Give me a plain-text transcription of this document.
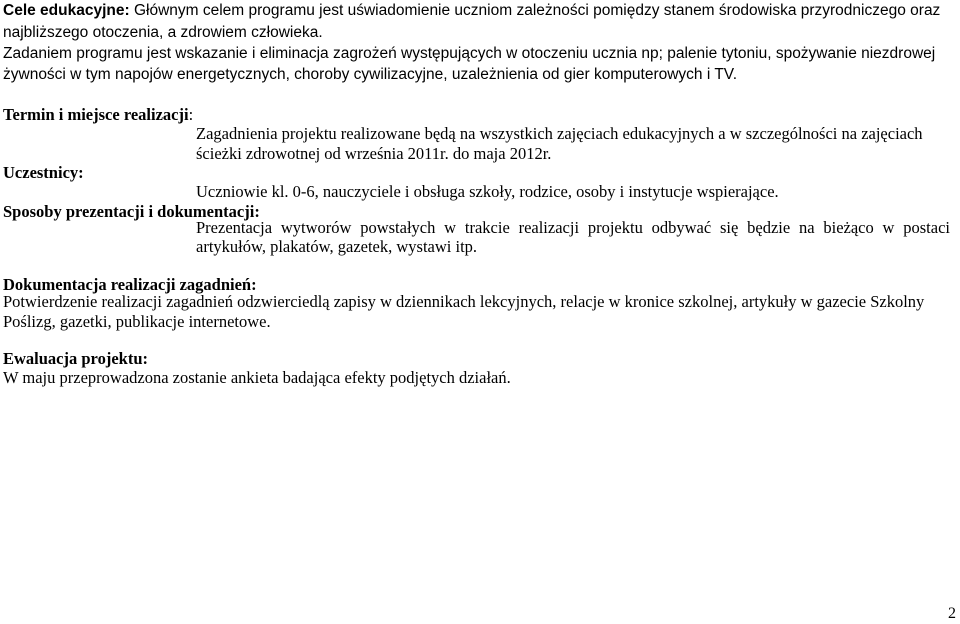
Cele edukacyjne: Głównym celem programu jest uświadomienie uczniom zależności pomiędzy stanem środowiska przyrodniczego oraz

najbliższego otoczenia, a zdrowiem człowieka.

Zadaniem programu jest wskazanie i eliminacja zagrożeń występujących w otoczeniu ucznia np; palenie tytoniu, spożywanie niezdrowej

żywności w tym napojów energetycznych, choroby cywilizacyjne, uzależnienia od gier komputerowych i TV.

Termin i miejsce realizacji:

Zagadnienia projektu realizowane będą na wszystkich zajęciach edukacyjnych a w szczególności na zajęciach

ścieżki zdrowotnej od września 2011r. do maja 2012r.

Uczestnicy:

Uczniowie kl. 0-6, nauczyciele i obsługa szkoły, rodzice, osoby i instytucje wspierające.

Sposoby prezentacji i dokumentacji:

Prezentacja wytworów powstałych w trakcie realizacji projektu odbywać się będzie na bieżąco w postaci

artykułów, plakatów, gazetek, wystawi itp.

Dokumentacja realizacji zagadnień:

Potwierdzenie realizacji zagadnień odzwierciedlą zapisy w dziennikach lekcyjnych, relacje w kronice szkolnej, artykuły w gazecie Szkolny

Poślizg, gazetki, publikacje internetowe.

Ewaluacja projektu:

W maju przeprowadzona zostanie ankieta badająca efekty podjętych działań.

2
